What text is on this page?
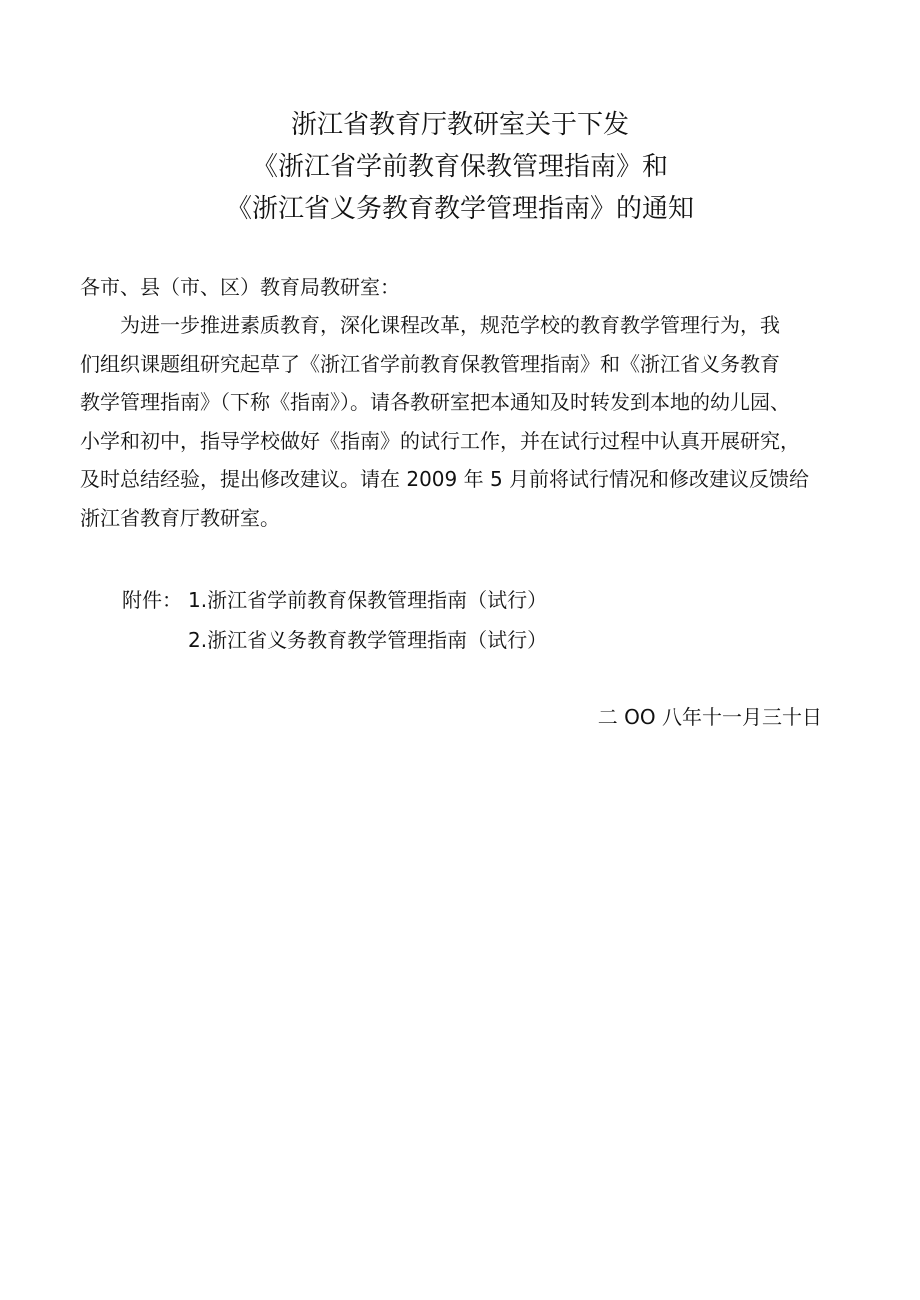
浙江省教育厅教研室关于下发
《浙江省学前教育保教管理指南》和
《浙江省义务教育教学管理指南》的通知
各市、县（市、区）教育局教研室：
为进一步推进素质教育，深化课程改革，规范学校的教育教学管理行为，我
们组织课题组研究起草了《浙江省学前教育保教管理指南》和《浙江省义务教育
教学管理指南》（下称《指南》）。请各教研室把本通知及时转发到本地的幼儿园、
小学和初中，指导学校做好《指南》的试行工作，并在试行过程中认真开展研究，
及时总结经验，提出修改建议。请在 2009 年 5 月前将试行情况和修改建议反馈给
浙江省教育厅教研室。
附件： 1.浙江省学前教育保教管理指南（试行）
2.浙江省义务教育教学管理指南（试行）
二 OO 八年十一月三十日
